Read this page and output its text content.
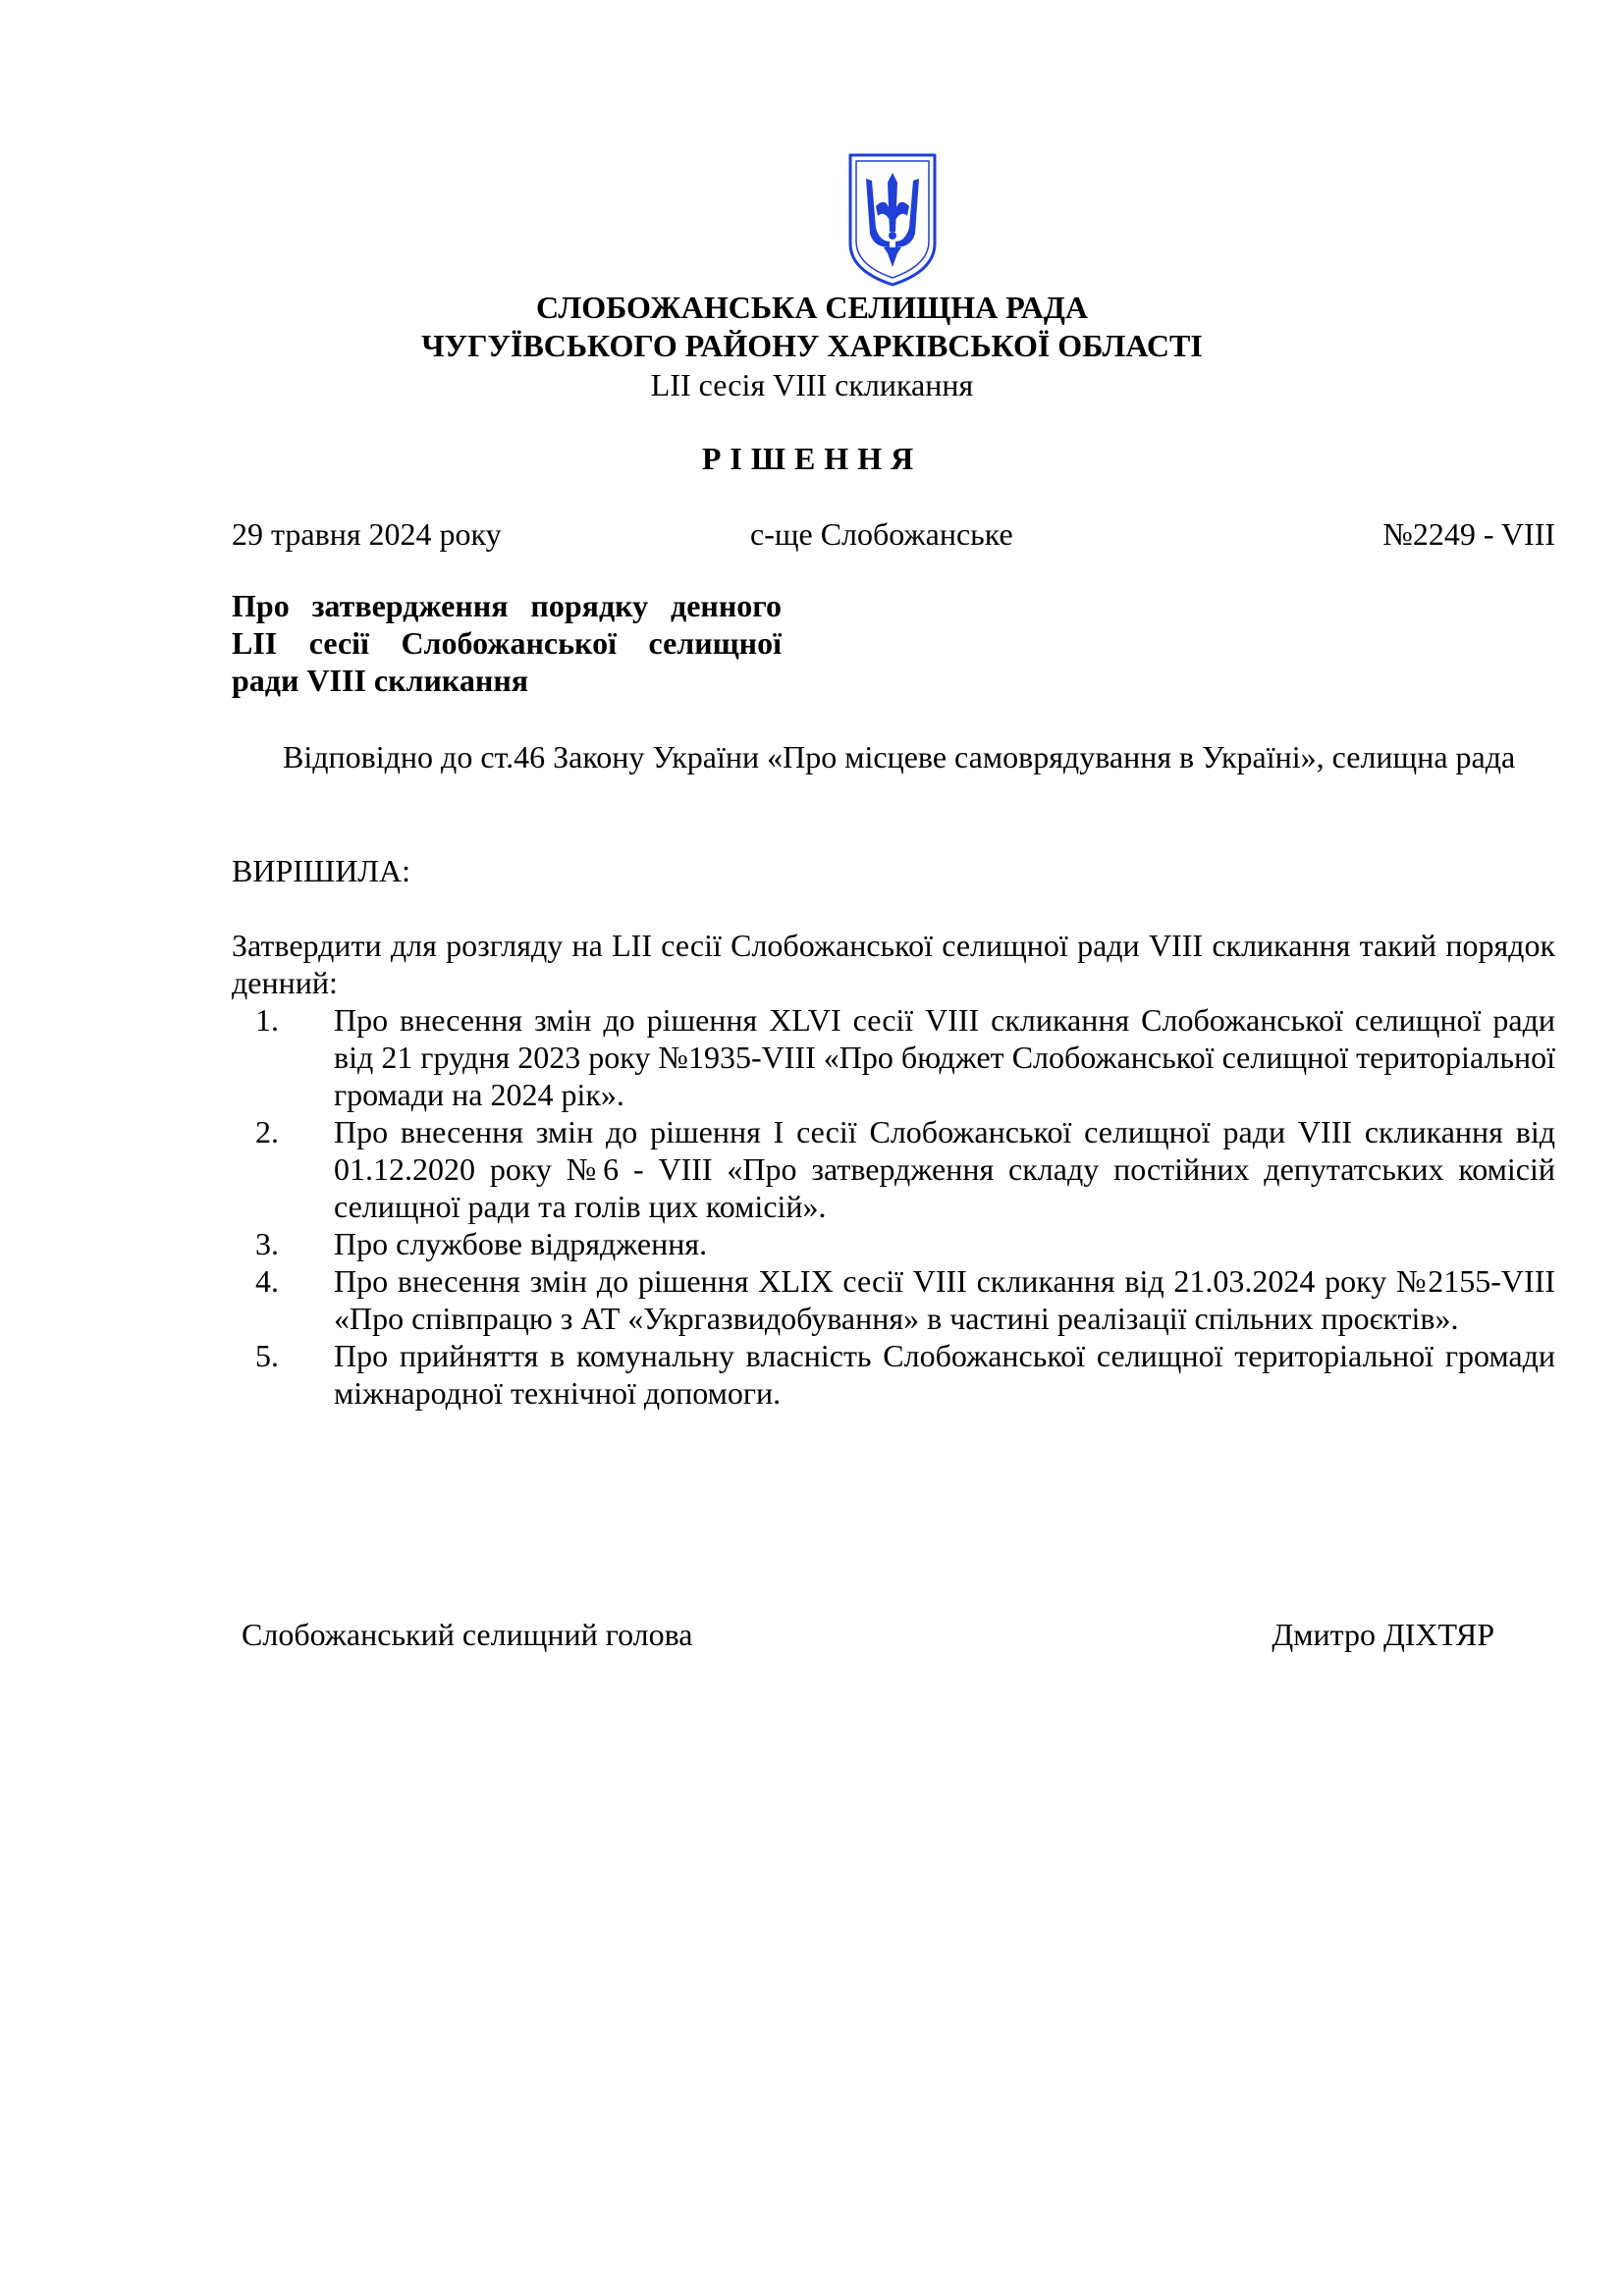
СЛОБОЖАНСЬКА СЕЛИЩНА РАДА
ЧУГУЇВСЬКОГО РАЙОНУ ХАРКІВСЬКОЇ ОБЛАСТІ
LII сесія VIII скликання
РІШЕННЯ
29 травня 2024 року	с-ще Слобожанське	№2249 - VIII
Про затвердження порядку денного
LII сесії Слобожанської селищної
ради VIII скликання
Відповідно до ст.46 Закону України «Про місцеве самоврядування в Україні», селищна рада
ВИРІШИЛА:
Затвердити для розгляду на LII сесії Слобожанської селищної ради VIII скликання такий порядок денний:
1. Про внесення змін до рішення XLVI сесії VIII скликання Слобожанської селищної ради від 21 грудня 2023 року №1935-VIII «Про бюджет Слобожанської селищної територіальної громади на 2024 рік».
2. Про внесення змін до рішення І сесії Слобожанської селищної ради VIII скликання від 01.12.2020 року №6 - VIII «Про затвердження складу постійних депутатських комісій селищної ради та голів цих комісій».
3. Про службове відрядження.
4. Про внесення змін до рішення XLIX сесії VIII скликання від 21.03.2024 року №2155-VIII «Про співпрацю з АТ «Укргазвидобування» в частині реалізації спільних проєктів».
5. Про прийняття в комунальну власність Слобожанської селищної територіальної громади міжнародної технічної допомоги.
Слобожанський селищний голова	Дмитро ДІХТЯР
